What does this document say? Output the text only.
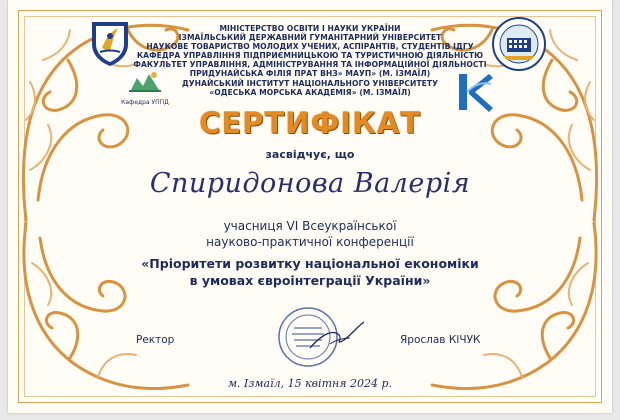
Кафедра УППД
МІНІСТЕРСТВО ОСВІТИ І НАУКИ УКРАЇНИ
ІЗМАЇЛЬСЬКИЙ ДЕРЖАВНИЙ ГУМАНІТАРНИЙ УНІВЕРСИТЕТ
НАУКОВЕ ТОВАРИСТВО МОЛОДИХ УЧЕНИХ, АСПІРАНТІВ, СТУДЕНТІВ ІДГУ
КАФЕДРА УПРАВЛІННЯ ПІДПРИЄМНИЦЬКОЮ ТА ТУРИСТИЧНОЮ ДІЯЛЬНІСТЮ
ФАКУЛЬТЕТ УПРАВЛІННЯ, АДМІНІСТРУВАННЯ ТА ІНФОРМАЦІЙНОЇ ДІЯЛЬНОСТІ
ПРИДУНАЙСЬКА ФІЛІЯ ПРАТ ВНЗ» МАУП» (М. ІЗМАЇЛ)
ДУНАЙСЬКИЙ ІНСТИТУТ НАЦІОНАЛЬНОГО УНІВЕРСИТЕТУ
«ОДЕСЬКА МОРСЬКА АКАДЕМІЯ» (М. ІЗМАЇЛ)
СЕРТИФІКАТ
засвідчує, що
Спиридонова Валерія
учасниця VI Всеукраїнської
науково-практичної конференції
«Пріоритети розвитку національної економіки
в умовах євроінтеграції України»
Ректор	Ярослав КІЧУК
м. Ізмаїл, 15 квітня 2024 р.
